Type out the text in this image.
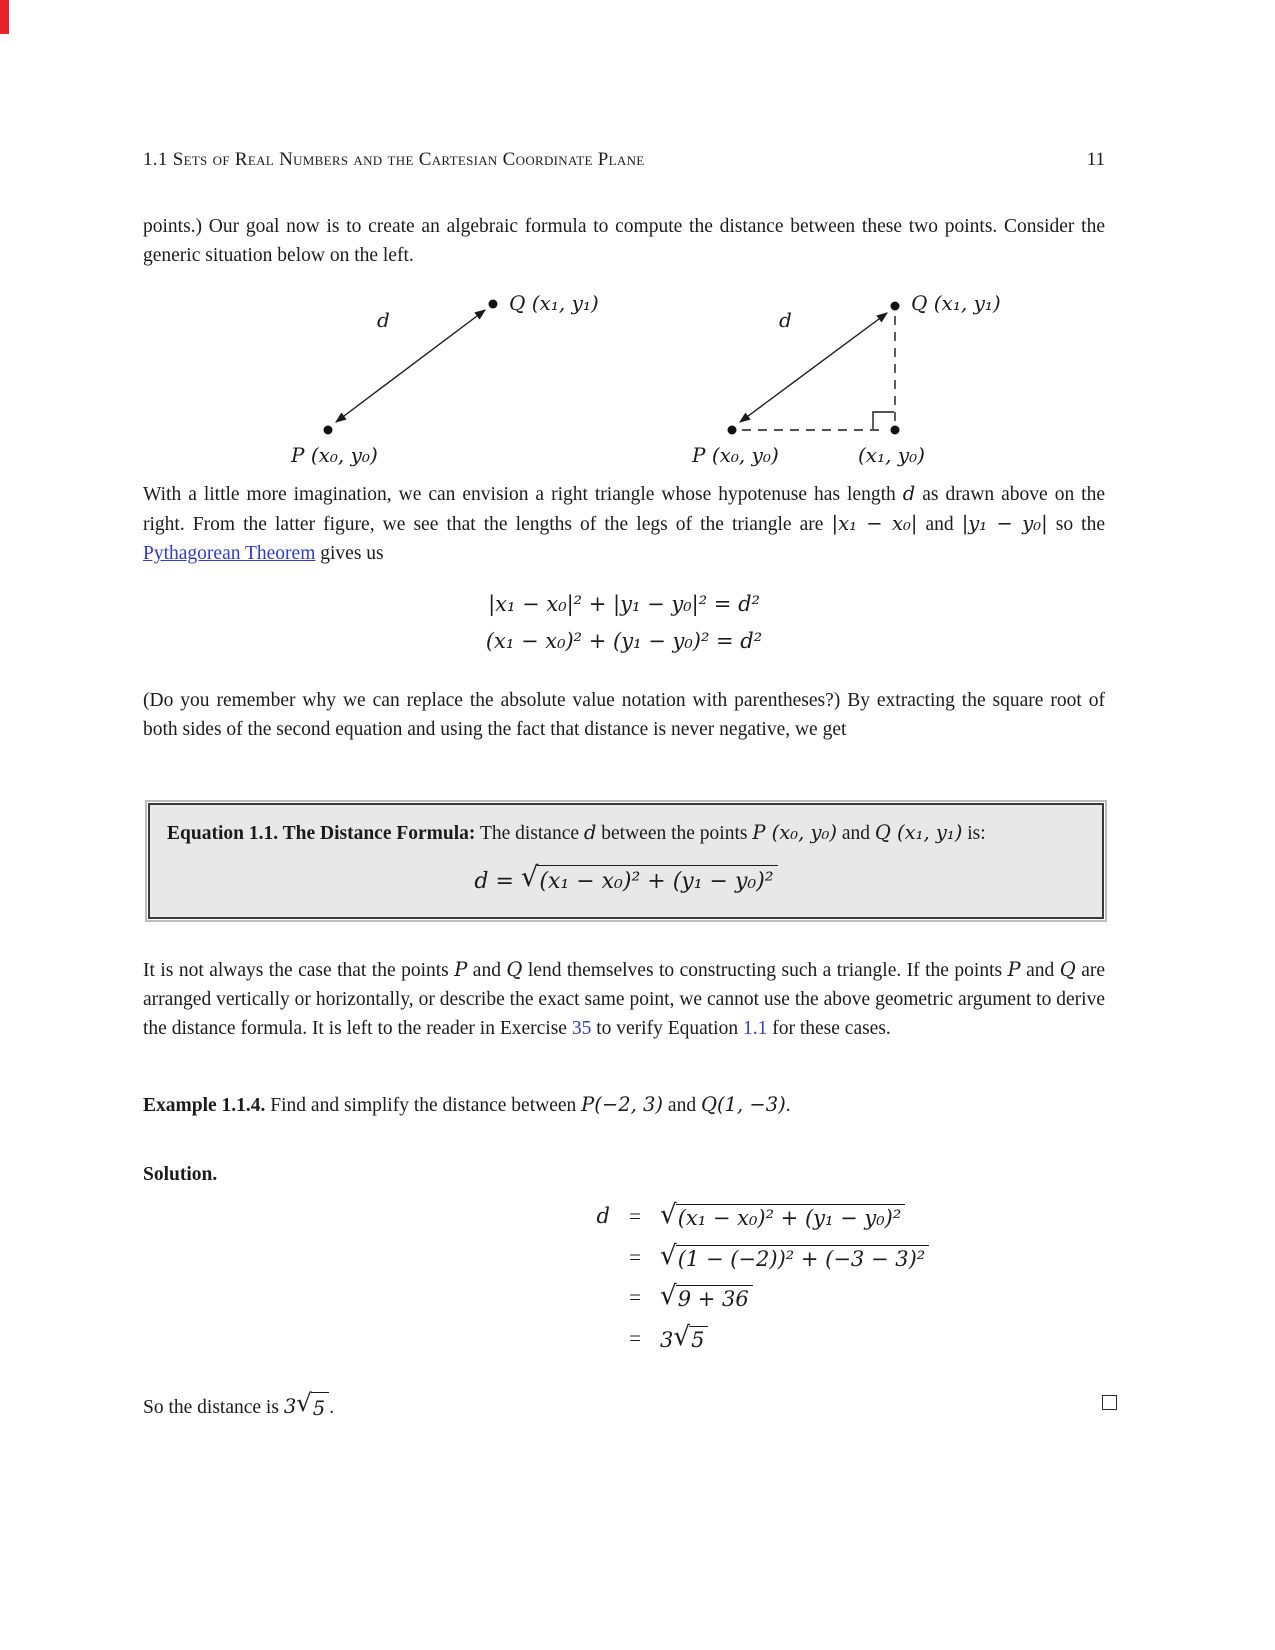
1.1 Sets of Real Numbers and the Cartesian Coordinate Plane	11

points.) Our goal now is to create an algebraic formula to compute the distance between these two points. Consider the generic situation below on the left.

Q (x₁, y₁)
d
P (x₀, y₀)
Q (x₁, y₁)
d
P (x₀, y₀)	(x₁, y₀)

With a little more imagination, we can envision a right triangle whose hypotenuse has length d as drawn above on the right. From the latter figure, we see that the lengths of the legs of the triangle are |x₁ − x₀| and |y₁ − y₀| so the Pythagorean Theorem gives us

|x₁ − x₀|² + |y₁ − y₀|² = d²
(x₁ − x₀)² + (y₁ − y₀)² = d²

(Do you remember why we can replace the absolute value notation with parentheses?) By extracting the square root of both sides of the second equation and using the fact that distance is never negative, we get

Equation 1.1. The Distance Formula: The distance d between the points P (x₀, y₀) and Q (x₁, y₁) is:
d = √ (x₁ − x₀)² + (y₁ − y₀)²

It is not always the case that the points P and Q lend themselves to constructing such a triangle. If the points P and Q are arranged vertically or horizontally, or describe the exact same point, we cannot use the above geometric argument to derive the distance formula. It is left to the reader in Exercise 35 to verify Equation 1.1 for these cases.

Example 1.1.4. Find and simplify the distance between P(−2, 3) and Q(1, −3).

Solution.

d = √ (x₁ − x₀)² + (y₁ − y₀)²
= √ (1 − (−2))² + (−3 − 3)²
= √ 9 + 36
= 3 √ 5

So the distance is 3 √ 5 .
